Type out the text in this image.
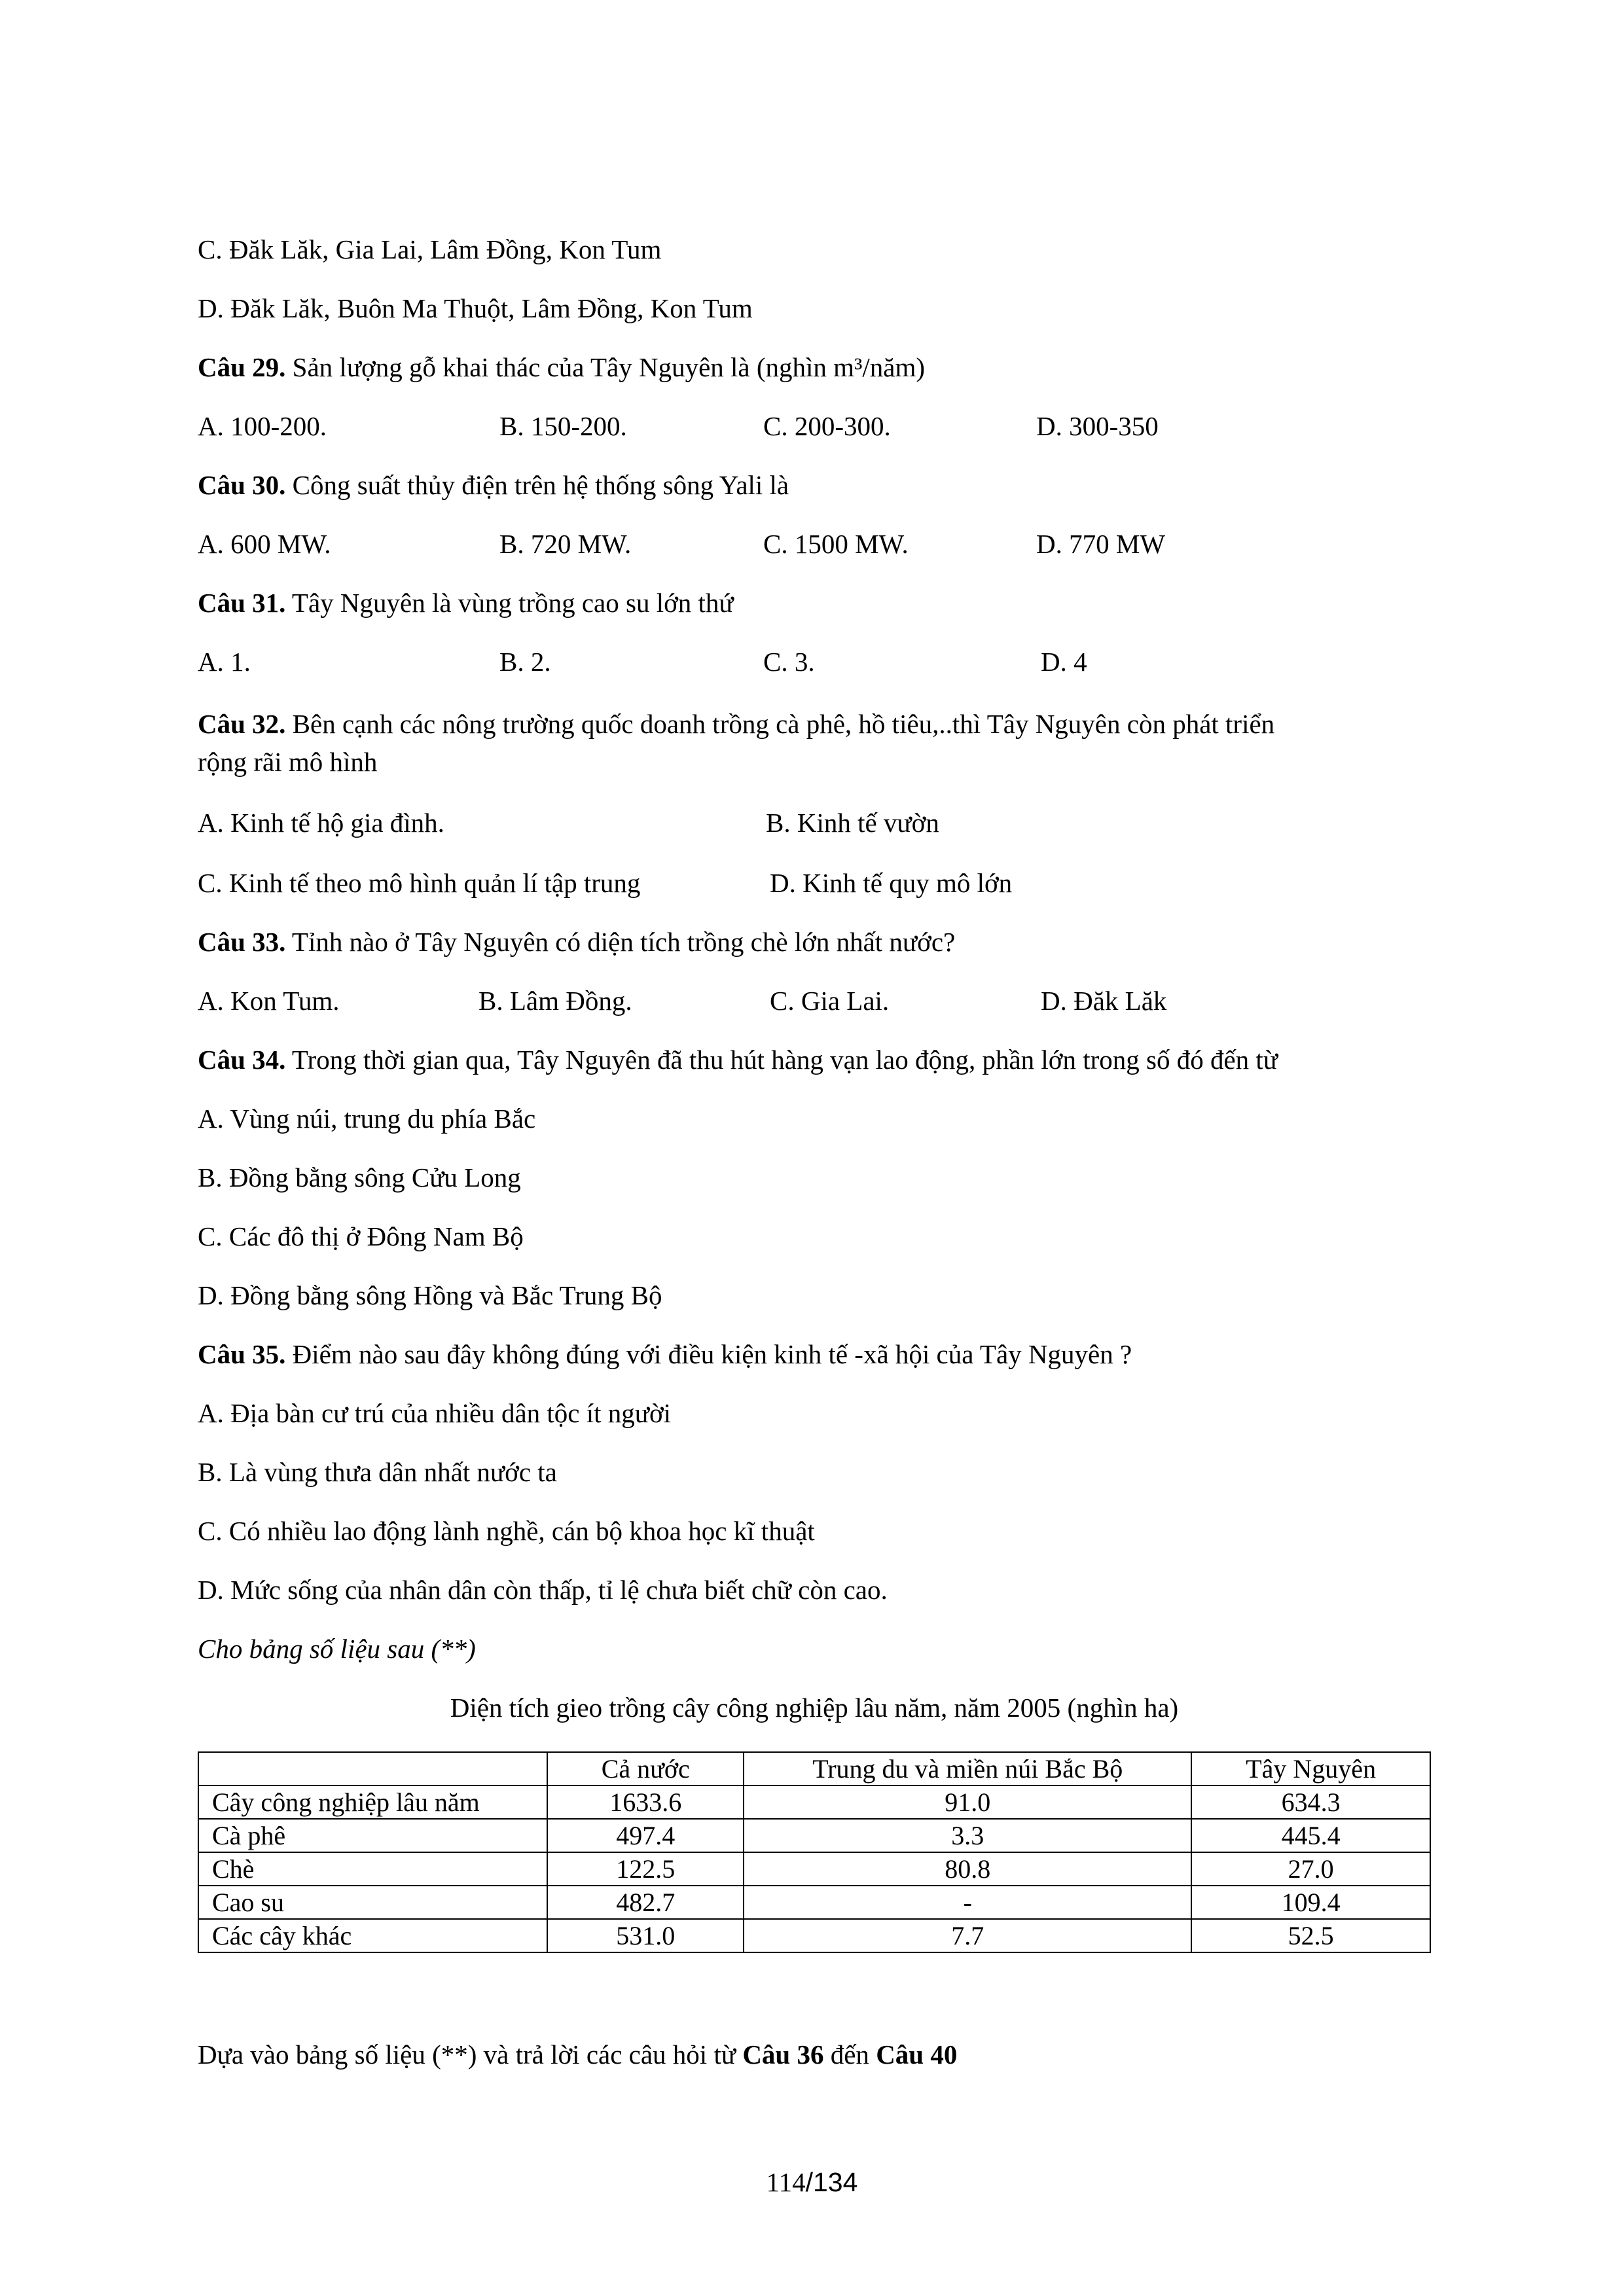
C. Đăk Lăk, Gia Lai, Lâm Đồng, Kon Tum
D. Đăk Lăk, Buôn Ma Thuột, Lâm Đồng, Kon Tum
Câu 29. Sản lượng gỗ khai thác của Tây Nguyên là (nghìn m³/năm)
A. 100-200.	B. 150-200.	C. 200-300.	D. 300-350
Câu 30. Công suất thủy điện trên hệ thống sông Yali là
A. 600 MW.	B. 720 MW.	C. 1500 MW.	D. 770 MW
Câu 31. Tây Nguyên là vùng trồng cao su lớn thứ
A. 1.	B. 2.	C. 3.	D. 4
Câu 32. Bên cạnh các nông trường quốc doanh trồng cà phê, hồ tiêu,..thì Tây Nguyên còn phát triển
rộng rãi mô hình
A. Kinh tế hộ gia đình.	B. Kinh tế vườn
C. Kinh tế theo mô hình quản lí tập trung	D. Kinh tế quy mô lớn
Câu 33. Tỉnh nào ở Tây Nguyên có diện tích trồng chè lớn nhất nước?
A. Kon Tum.	B. Lâm Đồng.	C. Gia Lai.	D. Đăk Lăk
Câu 34. Trong thời gian qua, Tây Nguyên đã thu hút hàng vạn lao động, phần lớn trong số đó đến từ
A. Vùng núi, trung du phía Bắc
B. Đồng bằng sông Cửu Long
C. Các đô thị ở Đông Nam Bộ
D. Đồng bằng sông Hồng và Bắc Trung Bộ
Câu 35. Điểm nào sau đây không đúng với điều kiện kinh tế -xã hội của Tây Nguyên ?
A. Địa bàn cư trú của nhiều dân tộc ít người
B. Là vùng thưa dân nhất nước ta
C. Có nhiều lao động lành nghề, cán bộ khoa học kĩ thuật
D. Mức sống của nhân dân còn thấp, tỉ lệ chưa biết chữ còn cao.
Cho bảng số liệu sau (**)
Diện tích gieo trồng cây công nghiệp lâu năm, năm 2005 (nghìn ha)
	Cả nước	Trung du và miền núi Bắc Bộ	Tây Nguyên
Cây công nghiệp lâu năm	1633.6	91.0	634.3
Cà phê	497.4	3.3	445.4
Chè	122.5	80.8	27.0
Cao su	482.7	-	109.4
Các cây khác	531.0	7.7	52.5
Dựa vào bảng số liệu (**) và trả lời các câu hỏi từ Câu 36 đến Câu 40
114/134
